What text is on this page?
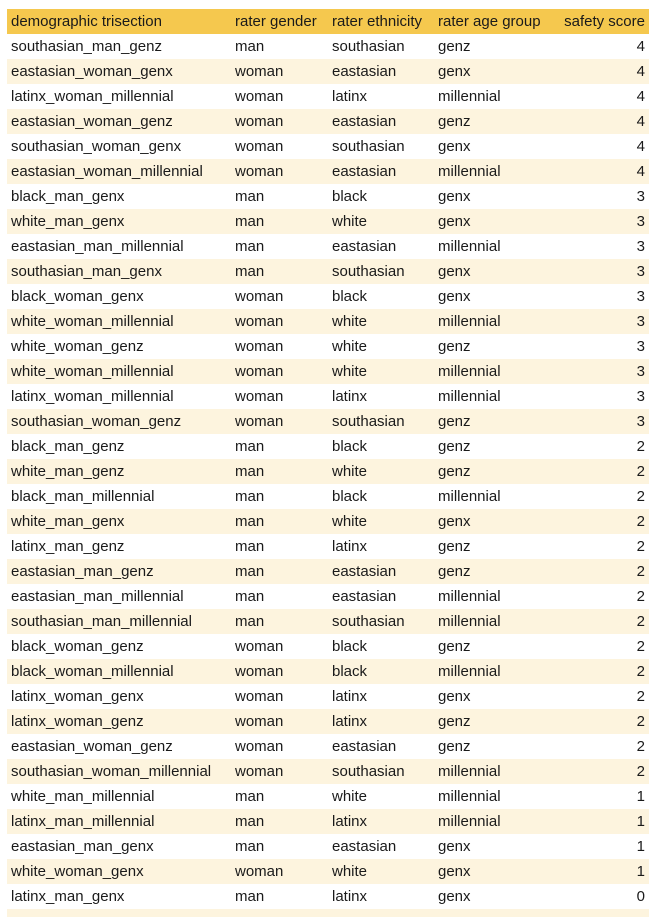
demographic trisection	rater gender	rater ethnicity	rater age group	safety score
southasian_man_genz	man	southasian	genz	4
eastasian_woman_genx	woman	eastasian	genx	4
latinx_woman_millennial	woman	latinx	millennial	4
eastasian_woman_genz	woman	eastasian	genz	4
southasian_woman_genx	woman	southasian	genx	4
eastasian_woman_millennial	woman	eastasian	millennial	4
black_man_genx	man	black	genx	3
white_man_genx	man	white	genx	3
eastasian_man_millennial	man	eastasian	millennial	3
southasian_man_genx	man	southasian	genx	3
black_woman_genx	woman	black	genx	3
white_woman_millennial	woman	white	millennial	3
white_woman_genz	woman	white	genz	3
white_woman_millennial	woman	white	millennial	3
latinx_woman_millennial	woman	latinx	millennial	3
southasian_woman_genz	woman	southasian	genz	3
black_man_genz	man	black	genz	2
white_man_genz	man	white	genz	2
black_man_millennial	man	black	millennial	2
white_man_genx	man	white	genx	2
latinx_man_genz	man	latinx	genz	2
eastasian_man_genz	man	eastasian	genz	2
eastasian_man_millennial	man	eastasian	millennial	2
southasian_man_millennial	man	southasian	millennial	2
black_woman_genz	woman	black	genz	2
black_woman_millennial	woman	black	millennial	2
latinx_woman_genx	woman	latinx	genx	2
latinx_woman_genz	woman	latinx	genz	2
eastasian_woman_genz	woman	eastasian	genz	2
southasian_woman_millennial	woman	southasian	millennial	2
white_man_millennial	man	white	millennial	1
latinx_man_millennial	man	latinx	millennial	1
eastasian_man_genx	man	eastasian	genx	1
white_woman_genx	woman	white	genx	1
latinx_man_genx	man	latinx	genx	0
